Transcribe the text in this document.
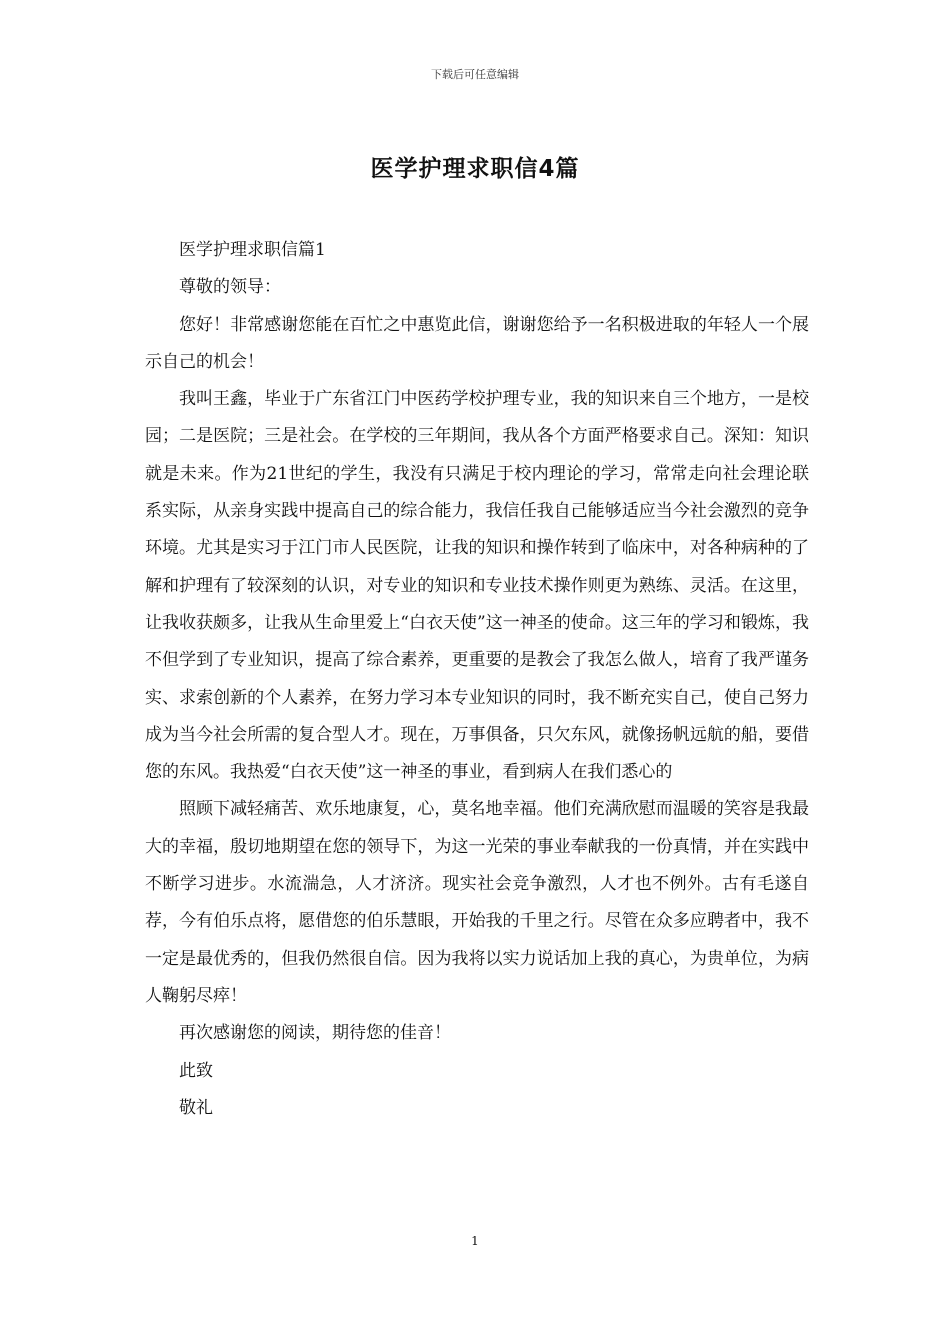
下载后可任意编辑
医学护理求职信4篇

医学护理求职信篇1

尊敬的领导：

您好！非常感谢您能在百忙之中惠览此信，谢谢您给予一名积极进取的年轻人一个展示自己的机会！

我叫王鑫，毕业于广东省江门中医药学校护理专业，我的知识来自三个地方，一是校园；二是医院；三是社会。在学校的三年期间，我从各个方面严格要求自己。深知：知识就是未来。作为21世纪的学生，我没有只满足于校内理论的学习，常常走向社会理论联系实际，从亲身实践中提高自己的综合能力，我信任我自己能够适应当今社会激烈的竞争环境。尤其是实习于江门市人民医院，让我的知识和操作转到了临床中，对各种病种的了解和护理有了较深刻的认识，对专业的知识和专业技术操作则更为熟练、灵活。在这里，让我收获颇多，让我从生命里爱上“白衣天使”这一神圣的使命。这三年的学习和锻炼，我不但学到了专业知识，提高了综合素养，更重要的是教会了我怎么做人，培育了我严谨务实、求索创新的个人素养，在努力学习本专业知识的同时，我不断充实自己，使自己努力成为当今社会所需的复合型人才。现在，万事俱备，只欠东风，就像扬帆远航的船，要借您的东风。我热爱“白衣天使”这一神圣的事业，看到病人在我们悉心的

照顾下减轻痛苦、欢乐地康复，心，莫名地幸福。他们充满欣慰而温暖的笑容是我最大的幸福，殷切地期望在您的领导下，为这一光荣的事业奉献我的一份真情，并在实践中不断学习进步。水流湍急，人才济济。现实社会竞争激烈，人才也不例外。古有毛遂自荐，今有伯乐点将，愿借您的伯乐慧眼，开始我的千里之行。尽管在众多应聘者中，我不一定是最优秀的，但我仍然很自信。因为我将以实力说话加上我的真心，为贵单位，为病人鞠躬尽瘁！

再次感谢您的阅读，期待您的佳音！

此致

敬礼

1
